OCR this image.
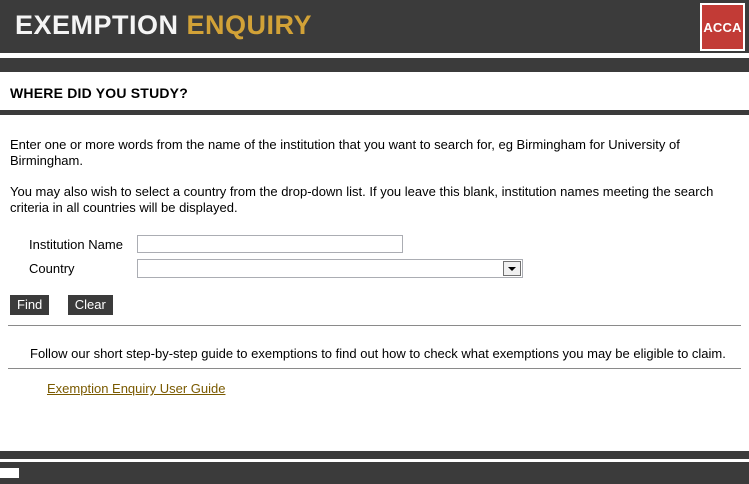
EXEMPTION ENQUIRY	ACCA
WHERE DID YOU STUDY?

Enter one or more words from the name of the institution that you want to search for, eg Birmingham for University of Birmingham.

You may also wish to select a country from the drop-down list. If you leave this blank, institution names meeting the search criteria in all countries will be displayed.

Institution Name
Country
Find Clear

Follow our short step-by-step guide to exemptions to find out how to check what exemptions you may be eligible to claim.

Exemption Enquiry User Guide
